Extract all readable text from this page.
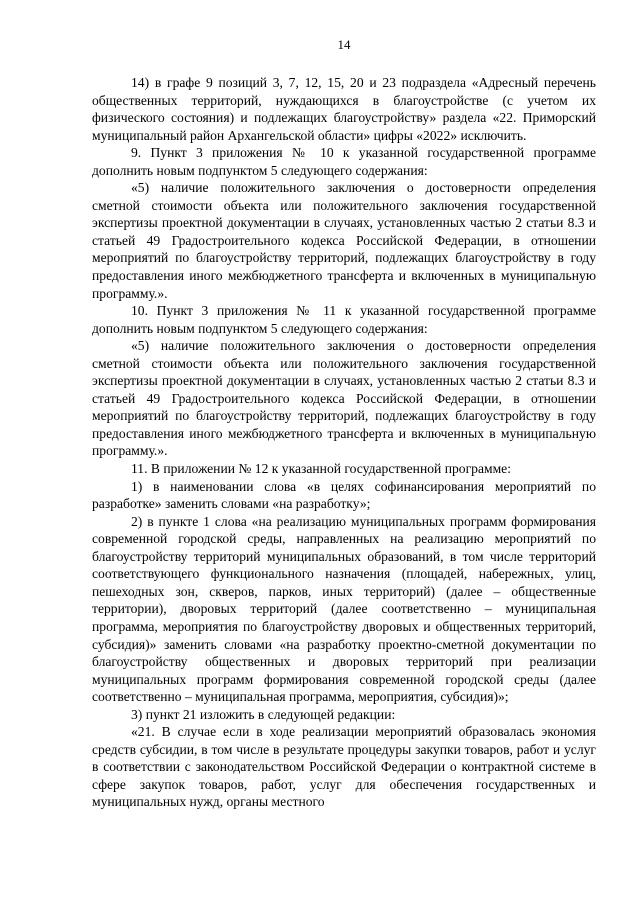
14

14) в графе 9 позиций 3, 7, 12, 15, 20 и 23 подраздела «Адресный перечень общественных территорий, нуждающихся в благоустройстве (с учетом их физического состояния) и подлежащих благоустройству» раздела «22. Приморский муниципальный район Архангельской области» цифры «2022» исключить.

9. Пункт 3 приложения № 10 к указанной государственной программе дополнить новым подпунктом 5 следующего содержания:

«5) наличие положительного заключения о достоверности определения сметной стоимости объекта или положительного заключения государственной экспертизы проектной документации в случаях, установленных частью 2 статьи 8.3 и статьей 49 Градостроительного кодекса Российской Федерации, в отношении мероприятий по благоустройству территорий, подлежащих благоустройству в году предоставления иного межбюджетного трансферта и включенных в муниципальную программу.».

10. Пункт 3 приложения № 11 к указанной государственной программе дополнить новым подпунктом 5 следующего содержания:

«5) наличие положительного заключения о достоверности определения сметной стоимости объекта или положительного заключения государственной экспертизы проектной документации в случаях, установленных частью 2 статьи 8.3 и статьей 49 Градостроительного кодекса Российской Федерации, в отношении мероприятий по благоустройству территорий, подлежащих благоустройству в году предоставления иного межбюджетного трансферта и включенных в муниципальную программу.».

11. В приложении № 12 к указанной государственной программе:

1) в наименовании слова «в целях софинансирования мероприятий по разработке» заменить словами «на разработку»;

2) в пункте 1 слова «на реализацию муниципальных программ формирования современной городской среды, направленных на реализацию мероприятий по благоустройству территорий муниципальных образований, в том числе территорий соответствующего функционального назначения (площадей, набережных, улиц, пешеходных зон, скверов, парков, иных территорий) (далее – общественные территории), дворовых территорий (далее соответственно – муниципальная программа, мероприятия по благоустройству дворовых и общественных территорий, субсидия)» заменить словами «на разработку проектно-сметной документации по благоустройству общественных и дворовых территорий при реализации муниципальных программ формирования современной городской среды (далее соответственно – муниципальная программа, мероприятия, субсидия)»;

3) пункт 21 изложить в следующей редакции:

«21. В случае если в ходе реализации мероприятий образовалась экономия средств субсидии, в том числе в результате процедуры закупки товаров, работ и услуг в соответствии с законодательством Российской Федерации о контрактной системе в сфере закупок товаров, работ, услуг для обеспечения государственных и муниципальных нужд, органы местного
